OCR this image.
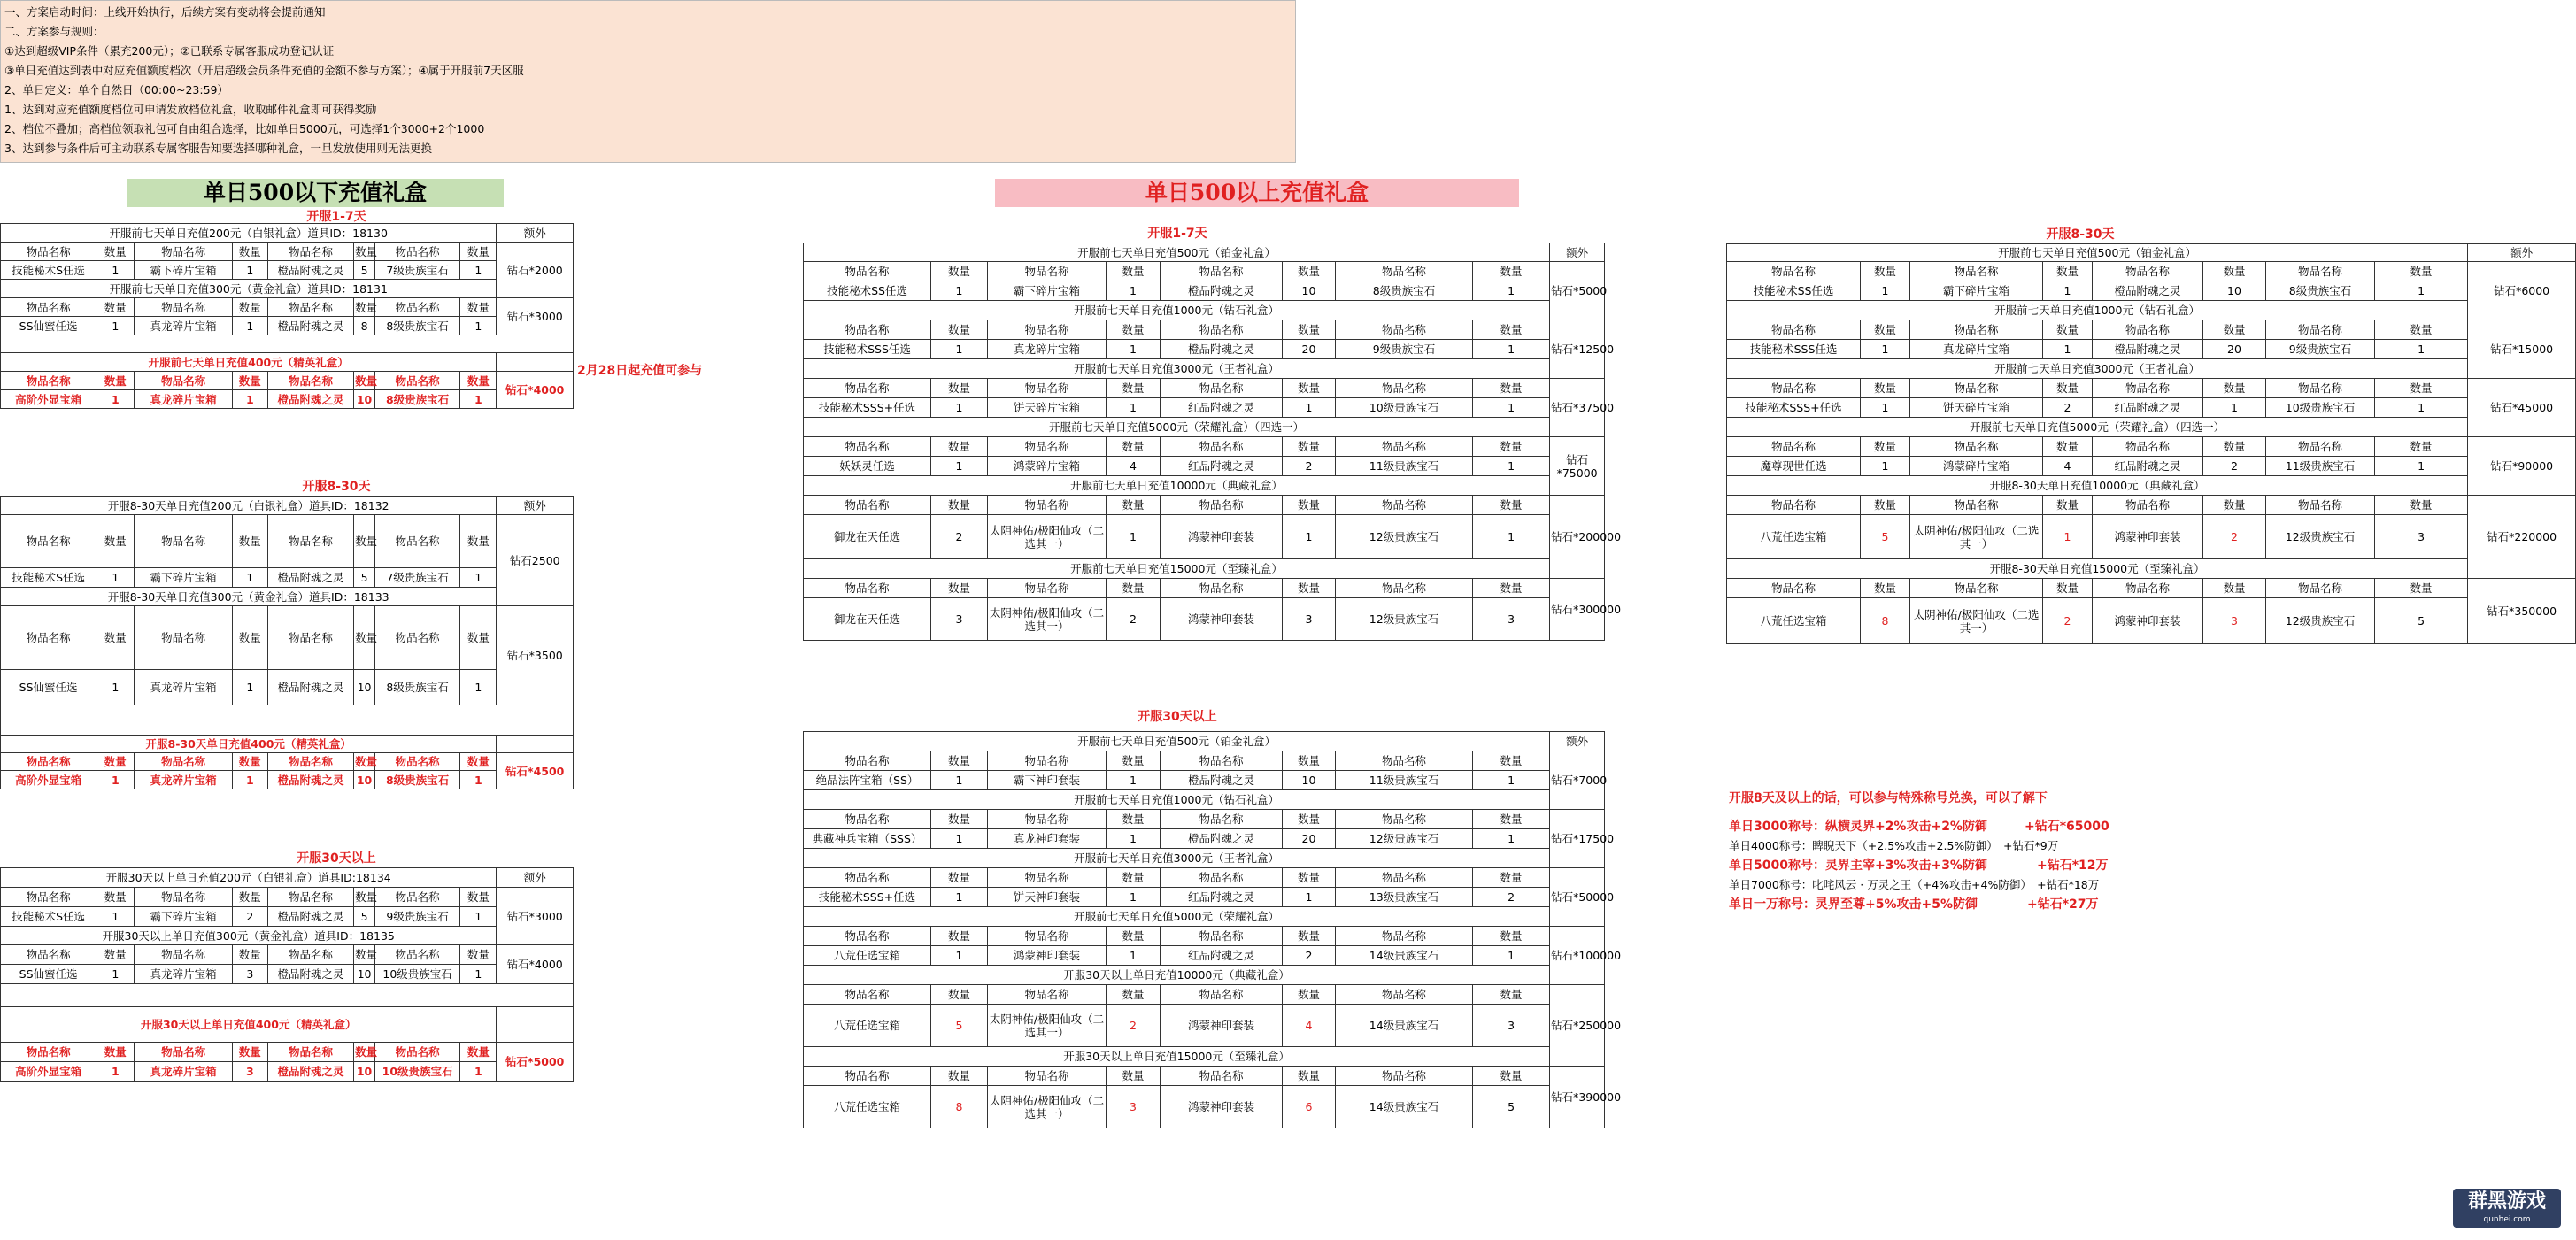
一、方案启动时间：上线开始执行，后续方案有变动将会提前通知
二、方案参与规则：
①达到超级VIP条件（累充200元）；②已联系专属客服成功登记认证
③单日充值达到表中对应充值额度档次（开启超级会员条件充值的金额不参与方案）；④属于开服前7天区服
2、单日定义：单个自然日（00:00~23:59）
1、达到对应充值额度档位可申请发放档位礼盒，收取邮件礼盒即可获得奖励
2、档位不叠加；高档位领取礼包可自由组合选择，比如单日5000元，可选择1个3000+2个1000
3、达到参与条件后可主动联系专属客服告知要选择哪种礼盒，一旦发放使用则无法更换
单日500以下充值礼盒
开服1-7天
开服前七天单日充值200元（白银礼盒）道具ID：18130								额外
物品名称	数量	物品名称	数量	物品名称	数量	物品名称	数量	钻石*2000
技能秘术S任选	1	霸下碎片宝箱	1	橙品附魂之灵	5	7级贵族宝石	1	
开服前七天单日充值300元（黄金礼盒）道具ID：18131								
物品名称	数量	物品名称	数量	物品名称	数量	物品名称	数量	钻石*3000
SS仙蜜任选	1	真龙碎片宝箱	1	橙品附魂之灵	8	8级贵族宝石	1	

开服前七天单日充值400元（精英礼盒）								
物品名称	数量	物品名称	数量	物品名称	数量	物品名称	数量	钻石*4000
高阶外显宝箱	1	真龙碎片宝箱	1	橙品附魂之灵	10	8级贵族宝石	1	
2月28日起充值可参与
开服8-30天
开服8-30天单日充值200元（白银礼盒）道具ID：18132								额外
物品名称	数量	物品名称	数量	物品名称	数量	物品名称	数量	钻石2500
技能秘术S任选	1	霸下碎片宝箱	1	橙品附魂之灵	5	7级贵族宝石	1	
开服8-30天单日充值300元（黄金礼盒）道具ID：18133								
物品名称	数量	物品名称	数量	物品名称	数量	物品名称	数量	钻石*3500
SS仙蜜任选	1	真龙碎片宝箱	1	橙品附魂之灵	10	8级贵族宝石	1	

开服8-30天单日充值400元（精英礼盒）								
物品名称	数量	物品名称	数量	物品名称	数量	物品名称	数量	钻石*4500
高阶外显宝箱	1	真龙碎片宝箱	1	橙品附魂之灵	10	8级贵族宝石	1	
开服30天以上
开服30天以上单日充值200元（白银礼盒）道具ID:18134								额外
物品名称	数量	物品名称	数量	物品名称	数量	物品名称	数量	钻石*3000
技能秘术S任选	1	霸下碎片宝箱	2	橙品附魂之灵	5	9级贵族宝石	1	
开服30天以上单日充值300元（黄金礼盒）道具ID：18135								
物品名称	数量	物品名称	数量	物品名称	数量	物品名称	数量	钻石*4000
SS仙蜜任选	1	真龙碎片宝箱	3	橙品附魂之灵	10	10级贵族宝石	1	

开服30天以上单日充值400元（精英礼盒）								
物品名称	数量	物品名称	数量	物品名称	数量	物品名称	数量	钻石*5000
高阶外显宝箱	1	真龙碎片宝箱	3	橙品附魂之灵	10	10级贵族宝石	1	
单日500以上充值礼盒
开服1-7天
开服前七天单日充值500元（铂金礼盒）								额外
物品名称	数量	物品名称	数量	物品名称	数量	物品名称	数量	钻石*5000
技能秘术SS任选	1	霸下碎片宝箱	1	橙品附魂之灵	10	8级贵族宝石	1	
开服前七天单日充值1000元（钻石礼盒）								
物品名称	数量	物品名称	数量	物品名称	数量	物品名称	数量	钻石*12500
技能秘术SSS任选	1	真龙碎片宝箱	1	橙品附魂之灵	20	9级贵族宝石	1	
开服前七天单日充值3000元（王者礼盒）								
物品名称	数量	物品名称	数量	物品名称	数量	物品名称	数量	钻石*37500
技能秘术SSS+任选	1	饼天碎片宝箱	1	红品附魂之灵	1	10级贵族宝石	1	
开服前七天单日充值5000元（荣耀礼盒）（四选一）								
物品名称	数量	物品名称	数量	物品名称	数量	物品名称	数量	钻石*75000
妖妖灵任选	1	鸿蒙碎片宝箱	4	红品附魂之灵	2	11级贵族宝石	1	
开服前七天单日充值10000元（典藏礼盒）								
物品名称	数量	物品名称	数量	物品名称	数量	物品名称	数量	钻石*200000
御龙在天任选	2	太阴神佑/极阳仙攻（二选其一）	1	鸿蒙神印套装	1	12级贵族宝石	1	
开服前七天单日充值15000元（至臻礼盒）								
物品名称	数量	物品名称	数量	物品名称	数量	物品名称	数量	钻石*300000
御龙在天任选	3	太阴神佑/极阳仙攻（二选其一）	2	鸿蒙神印套装	3	12级贵族宝石	3	
开服30天以上
开服前七天单日充值500元（铂金礼盒）								额外
物品名称	数量	物品名称	数量	物品名称	数量	物品名称	数量	钻石*7000
绝品法阵宝箱（SS）	1	霸下神印套装	1	橙品附魂之灵	10	11级贵族宝石	1	
开服前七天单日充值1000元（钻石礼盒）								
物品名称	数量	物品名称	数量	物品名称	数量	物品名称	数量	钻石*17500
典藏神兵宝箱（SSS）	1	真龙神印套装	1	橙品附魂之灵	20	12级贵族宝石	1	
开服前七天单日充值3000元（王者礼盒）								
物品名称	数量	物品名称	数量	物品名称	数量	物品名称	数量	钻石*50000
技能秘术SSS+任选	1	饼天神印套装	1	红品附魂之灵	1	13级贵族宝石	2	
开服前七天单日充值5000元（荣耀礼盒）								
物品名称	数量	物品名称	数量	物品名称	数量	物品名称	数量	钻石*100000
八荒任选宝箱	1	鸿蒙神印套装	1	红品附魂之灵	2	14级贵族宝石	1	
开服30天以上单日充值10000元（典藏礼盒）								
物品名称	数量	物品名称	数量	物品名称	数量	物品名称	数量	钻石*250000
八荒任选宝箱	5	太阴神佑/极阳仙攻（二选其一）	2	鸿蒙神印套装	4	14级贵族宝石	3	
开服30天以上单日充值15000元（至臻礼盒）								
物品名称	数量	物品名称	数量	物品名称	数量	物品名称	数量	钻石*390000
八荒任选宝箱	8	太阴神佑/极阳仙攻（二选其一）	3	鸿蒙神印套装	6	14级贵族宝石	5	
开服8-30天
开服前七天单日充值500元（铂金礼盒）								额外
物品名称	数量	物品名称	数量	物品名称	数量	物品名称	数量	钻石*6000
技能秘术SS任选	1	霸下碎片宝箱	1	橙品附魂之灵	10	8级贵族宝石	1	
开服前七天单日充值1000元（钻石礼盒）								
物品名称	数量	物品名称	数量	物品名称	数量	物品名称	数量	钻石*15000
技能秘术SSS任选	1	真龙碎片宝箱	1	橙品附魂之灵	20	9级贵族宝石	1	
开服前七天单日充值3000元（王者礼盒）								
物品名称	数量	物品名称	数量	物品名称	数量	物品名称	数量	钻石*45000
技能秘术SSS+任选	1	饼天碎片宝箱	2	红品附魂之灵	1	10级贵族宝石	1	
开服前七天单日充值5000元（荣耀礼盒）（四选一）								
物品名称	数量	物品名称	数量	物品名称	数量	物品名称	数量	钻石*90000
魔尊现世任选	1	鸿蒙碎片宝箱	4	红品附魂之灵	2	11级贵族宝石	1	
开服8-30天单日充值10000元（典藏礼盒）								
物品名称	数量	物品名称	数量	物品名称	数量	物品名称	数量	钻石*220000
八荒任选宝箱	5	太阴神佑/极阳仙攻（二选其一）	1	鸿蒙神印套装	2	12级贵族宝石	3	
开服8-30天单日充值15000元（至臻礼盒）								
物品名称	数量	物品名称	数量	物品名称	数量	物品名称	数量	钻石*350000
八荒任选宝箱	8	太阴神佑/极阳仙攻（二选其一）	2	鸿蒙神印套装	3	12级贵族宝石	5	
开服8天及以上的话，可以参与特殊称号兑换，可以了解下
单日3000称号：纵横灵界+2%攻击+2%防御　　　+钻石*65000
单日4000称号：睥睨天下（+2.5%攻击+2.5%防御）　+钻石*9万
单日5000称号：灵界主宰+3%攻击+3%防御　　　　+钻石*12万
单日7000称号：叱咤风云 · 万灵之王（+4%攻击+4%防御）　+钻石*18万
单日一万称号：灵界至尊+5%攻击+5%防御　　　　+钻石*27万
群黑游戏
qunhei.com
